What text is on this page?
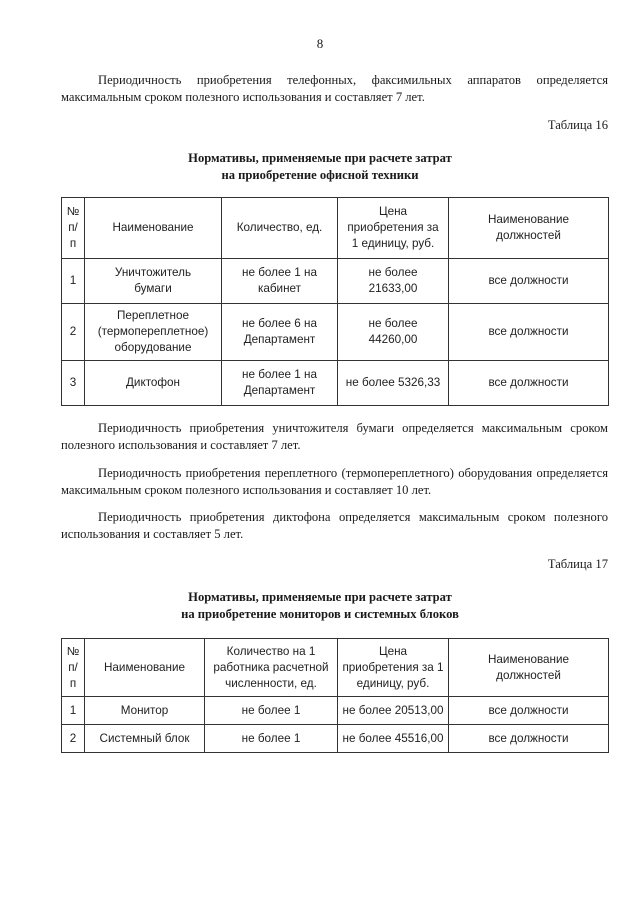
8

Периодичность приобретения телефонных, факсимильных аппаратов определяется максимальным сроком полезного использования и составляет 7 лет.

Таблица 16

Нормативы, применяемые при расчете затрат

на приобретение офисной техники

№
п/
п	Наименование	Количество, ед.	Цена
приобретения за
1 единицу, руб.	Наименование
должностей
1	Уничтожитель
бумаги	не более 1 на
кабинет	не более
21633,00	все должности
2	Переплетное
(термопереплетное)
оборудование	не более 6 на
Департамент	не более
44260,00	все должности
3	Диктофон	не более 1 на
Департамент	не более 5326,33	все должности

Периодичность приобретения уничтожителя бумаги определяется максимальным сроком полезного использования и составляет 7 лет.

Периодичность приобретения переплетного (термопереплетного) оборудования определяется максимальным сроком полезного использования и составляет 10 лет.

Периодичность приобретения диктофона определяется максимальным сроком полезного использования и составляет 5 лет.

Таблица 17

Нормативы, применяемые при расчете затрат

на приобретение мониторов и системных блоков

№
п/
п	Наименование	Количество на 1
работника расчетной
численности, ед.	Цена
приобретения за 1
единицу, руб.	Наименование
должностей
1	Монитор	не более 1	не более 20513,00	все должности
2	Системный блок	не более 1	не более 45516,00	все должности
